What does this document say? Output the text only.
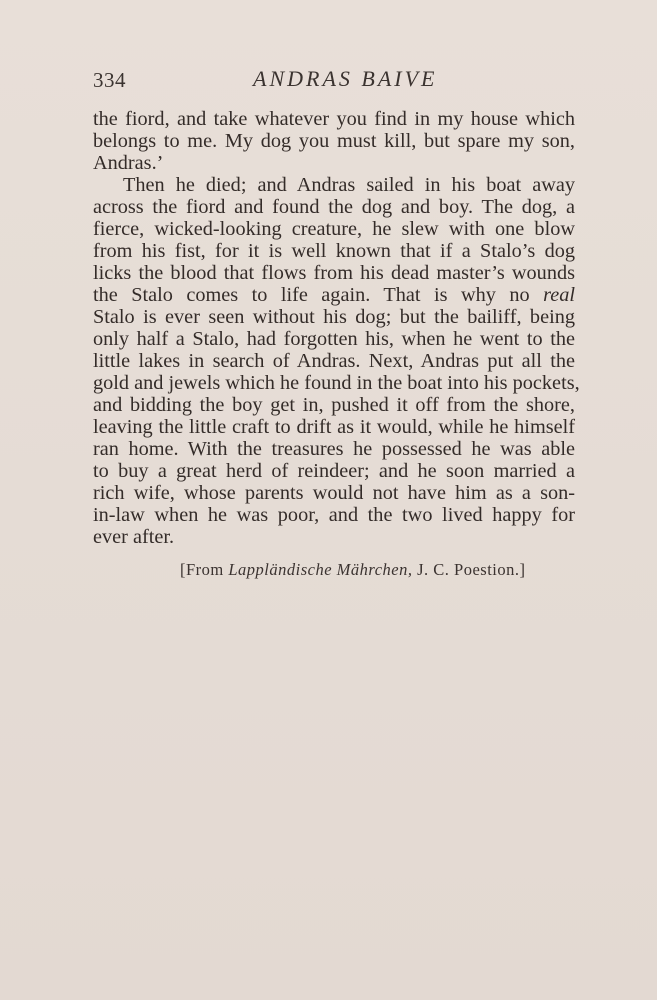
334	ANDRAS BAIVE
the fiord, and take whatever you find in my house which
belongs to me. My dog you must kill, but spare my son,
Andras.’
Then he died; and Andras sailed in his boat away
across the fiord and found the dog and boy. The dog, a
fierce, wicked-looking creature, he slew with one blow
from his fist, for it is well known that if a Stalo’s dog
licks the blood that flows from his dead master’s wounds
the Stalo comes to life again. That is why no real
Stalo is ever seen without his dog; but the bailiff, being
only half a Stalo, had forgotten his, when he went to the
little lakes in search of Andras. Next, Andras put all the
gold and jewels which he found in the boat into his pockets,
and bidding the boy get in, pushed it off from the shore,
leaving the little craft to drift as it would, while he himself
ran home. With the treasures he possessed he was able
to buy a great herd of reindeer; and he soon married a
rich wife, whose parents would not have him as a son-
in-law when he was poor, and the two lived happy for
ever after.
[From Lappländische Mährchen, J. C. Poestion.]
